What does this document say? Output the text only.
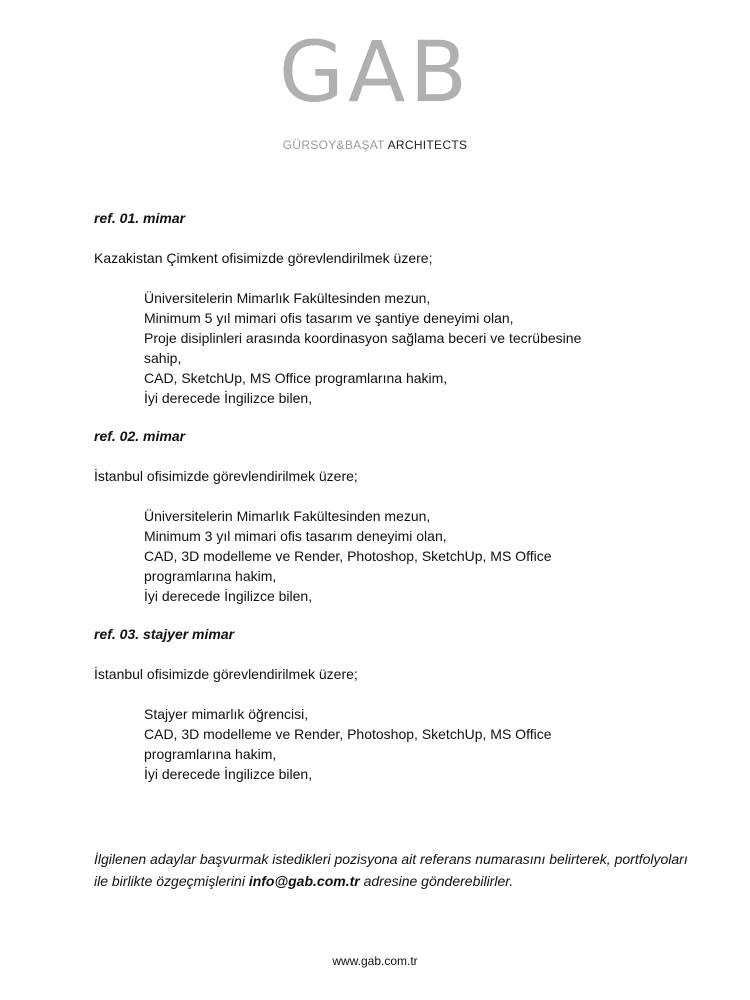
GAB
GÜRSOY&BAŞAT ARCHITECTS

ref. 01. mimar

Kazakistan Çimkent ofisimizde görevlendirilmek üzere;

Üniversitelerin Mimarlık Fakültesinden mezun,
Minimum 5 yıl mimari ofis tasarım ve şantiye deneyimi olan,
Proje disiplinleri arasında koordinasyon sağlama beceri ve tecrübesine sahip,
CAD, SketchUp, MS Office programlarına hakim,
İyi derecede İngilizce bilen,

ref. 02. mimar

İstanbul ofisimizde görevlendirilmek üzere;

Üniversitelerin Mimarlık Fakültesinden mezun,
Minimum 3 yıl mimari ofis tasarım deneyimi olan,
CAD, 3D modelleme ve Render, Photoshop, SketchUp, MS Office programlarına hakim,
İyi derecede İngilizce bilen,

ref. 03. stajyer mimar

İstanbul ofisimizde görevlendirilmek üzere;

Stajyer mimarlık öğrencisi,
CAD, 3D modelleme ve Render, Photoshop, SketchUp, MS Office programlarına hakim,
İyi derecede İngilizce bilen,
İlgilenen adaylar başvurmak istedikleri pozisyona ait referans numarasını belirterek, portfolyoları ile birlikte özgeçmişlerini info@gab.com.tr adresine gönderebilirler.
www.gab.com.tr
